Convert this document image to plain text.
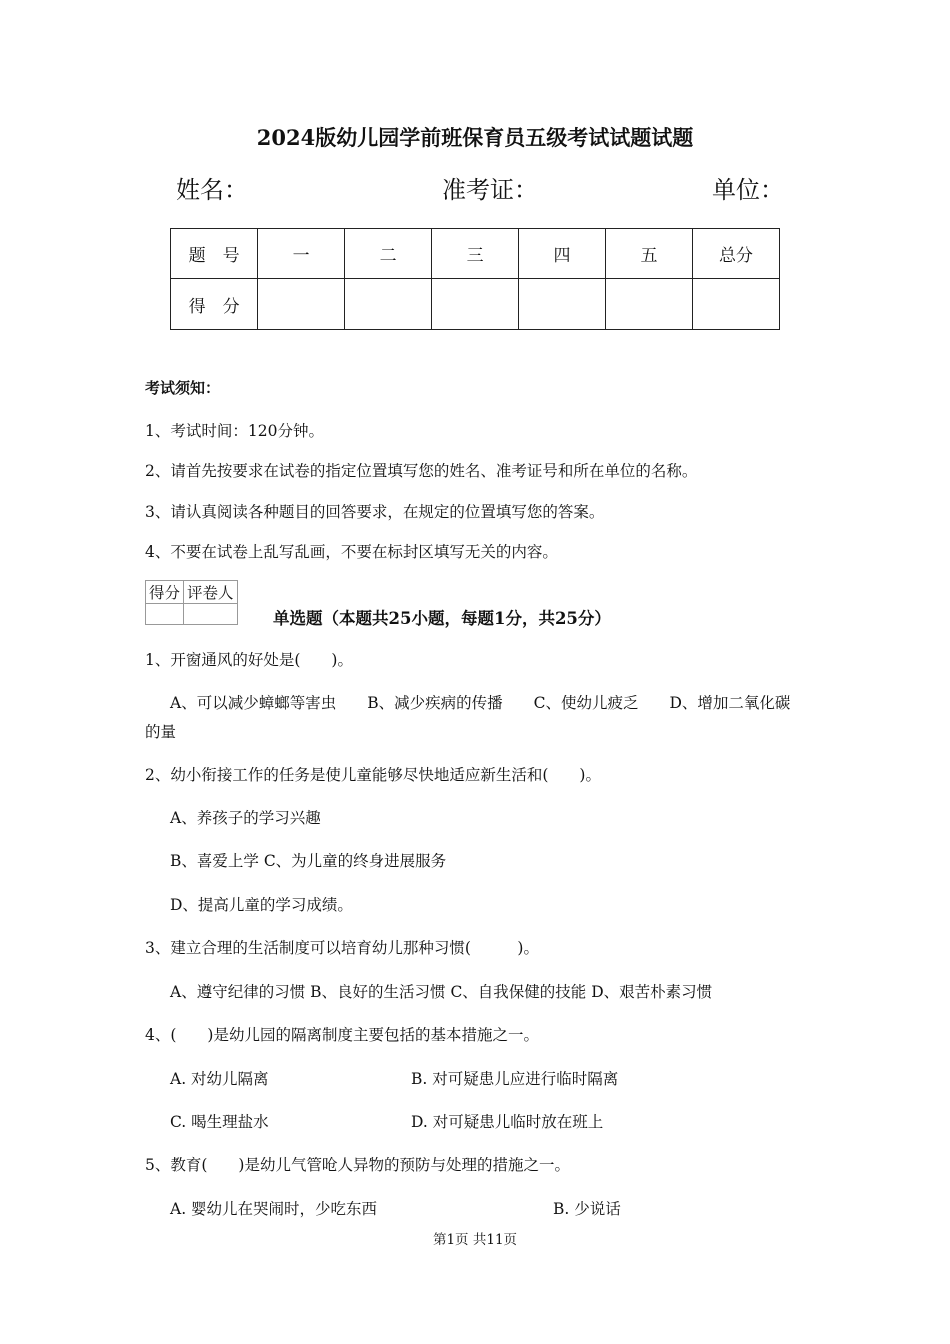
2024版幼儿园学前班保育员五级考试试题试题
姓名：	准考证：	单位：
题　号	一	二	三	四	五	总分
得　分						
考试须知：
1、考试时间：120分钟。
2、请首先按要求在试卷的指定位置填写您的姓名、准考证号和所在单位的名称。
3、请认真阅读各种题目的回答要求，在规定的位置填写您的答案。
4、不要在试卷上乱写乱画，不要在标封区填写无关的内容。
得分	评卷人

单选题（本题共25小题，每题1分，共25分）
1、开窗通风的好处是(　　)。
A、可以减少蟑螂等害虫　　B、减少疾病的传播　　C、使幼儿疲乏　　D、增加二氧化碳
的量
2、幼小衔接工作的任务是使儿童能够尽快地适应新生活和(　　)。
A、养孩子的学习兴趣
B、喜爱上学 C、为儿童的终身进展服务
D、提高儿童的学习成绩。
3、建立合理的生活制度可以培育幼儿那种习惯(　　　)。
A、遵守纪律的习惯 B、良好的生活习惯 C、自我保健的技能 D、艰苦朴素习惯
4、(　　)是幼儿园的隔离制度主要包括的基本措施之一。
A. 对幼儿隔离	B. 对可疑患儿应进行临时隔离
C. 喝生理盐水	D. 对可疑患儿临时放在班上
5、教育(　　)是幼儿气管呛人异物的预防与处理的措施之一。
A. 婴幼儿在哭闹时，少吃东西	B. 少说话
第1页 共11页
